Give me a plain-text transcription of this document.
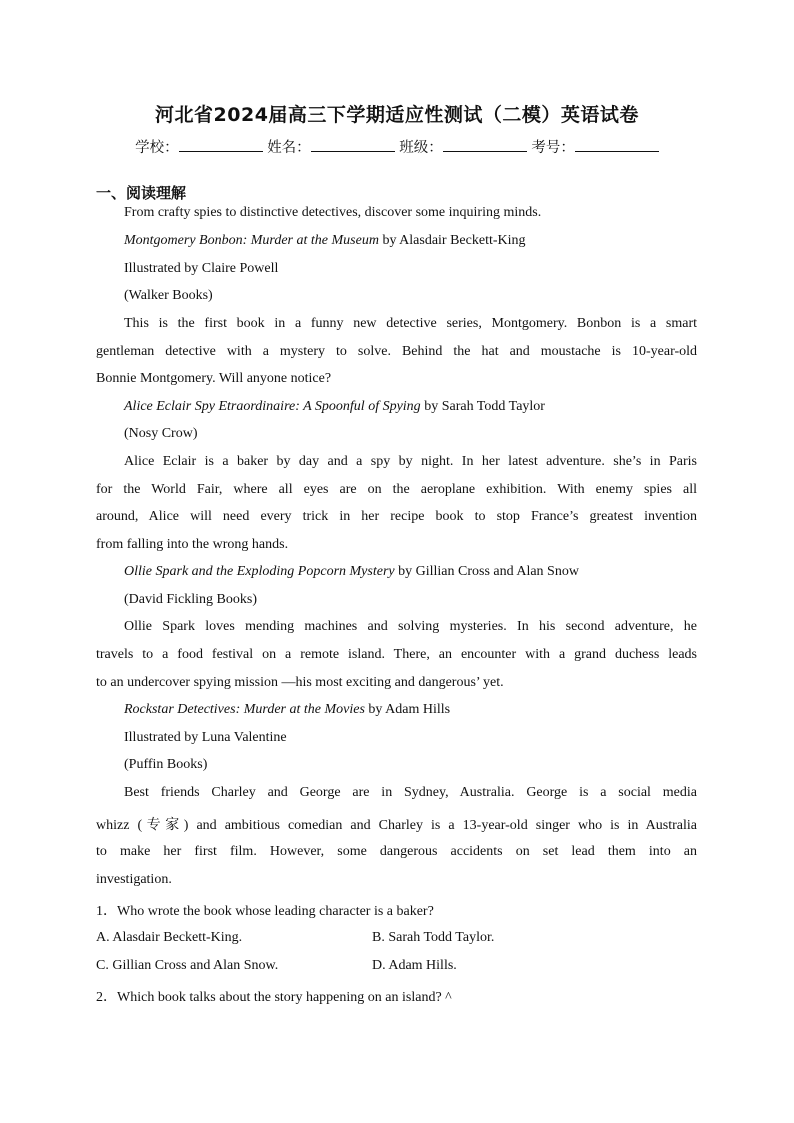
河北省2024届高三下学期适应性测试（二模）英语试卷
学校：	姓名：	班级：	考号：
一、阅读理解
From crafty spies to distinctive detectives, discover some inquiring minds.
Montgomery Bonbon: Murder at the Museum by Alasdair Beckett-King
Illustrated by Claire Powell
(Walker Books)
This is the first book in a funny new detective series, Montgomery. Bonbon is a smart
gentleman detective with a mystery to solve. Behind the hat and moustache is 10-year-old
Bonnie Montgomery. Will anyone notice?
Alice Eclair Spy Etraordinaire: A Spoonful of Spying by Sarah Todd Taylor
(Nosy Crow)
Alice Eclair is a baker by day and a spy by night. In her latest adventure. she’s in Paris
for the World Fair, where all eyes are on the aeroplane exhibition. With enemy spies all
around, Alice will need every trick in her recipe book to stop France’s greatest invention
from falling into the wrong hands.
Ollie Spark and the Exploding Popcorn Mystery by Gillian Cross and Alan Snow
(David Fickling Books)
Ollie Spark loves mending machines and solving mysteries. In his second adventure, he
travels to a food festival on a remote island. There, an encounter with a grand duchess leads
to an undercover spying mission —his most exciting and dangerous’ yet.
Rockstar Detectives: Murder at the Movies by Adam Hills
Illustrated by Luna Valentine
(Puffin Books)
Best friends Charley and George are in Sydney, Australia. George is a social media
whizz (专家) and ambitious comedian and Charley is a 13-year-old singer who is in Australia
to make her first film. However, some dangerous accidents on set lead them into an
investigation.
1．Who wrote the book whose leading character is a baker?
A. Alasdair Beckett-King.	B. Sarah Todd Taylor.
C. Gillian Cross and Alan Snow.	D. Adam Hills.
2．Which book talks about the story happening on an island? ^
